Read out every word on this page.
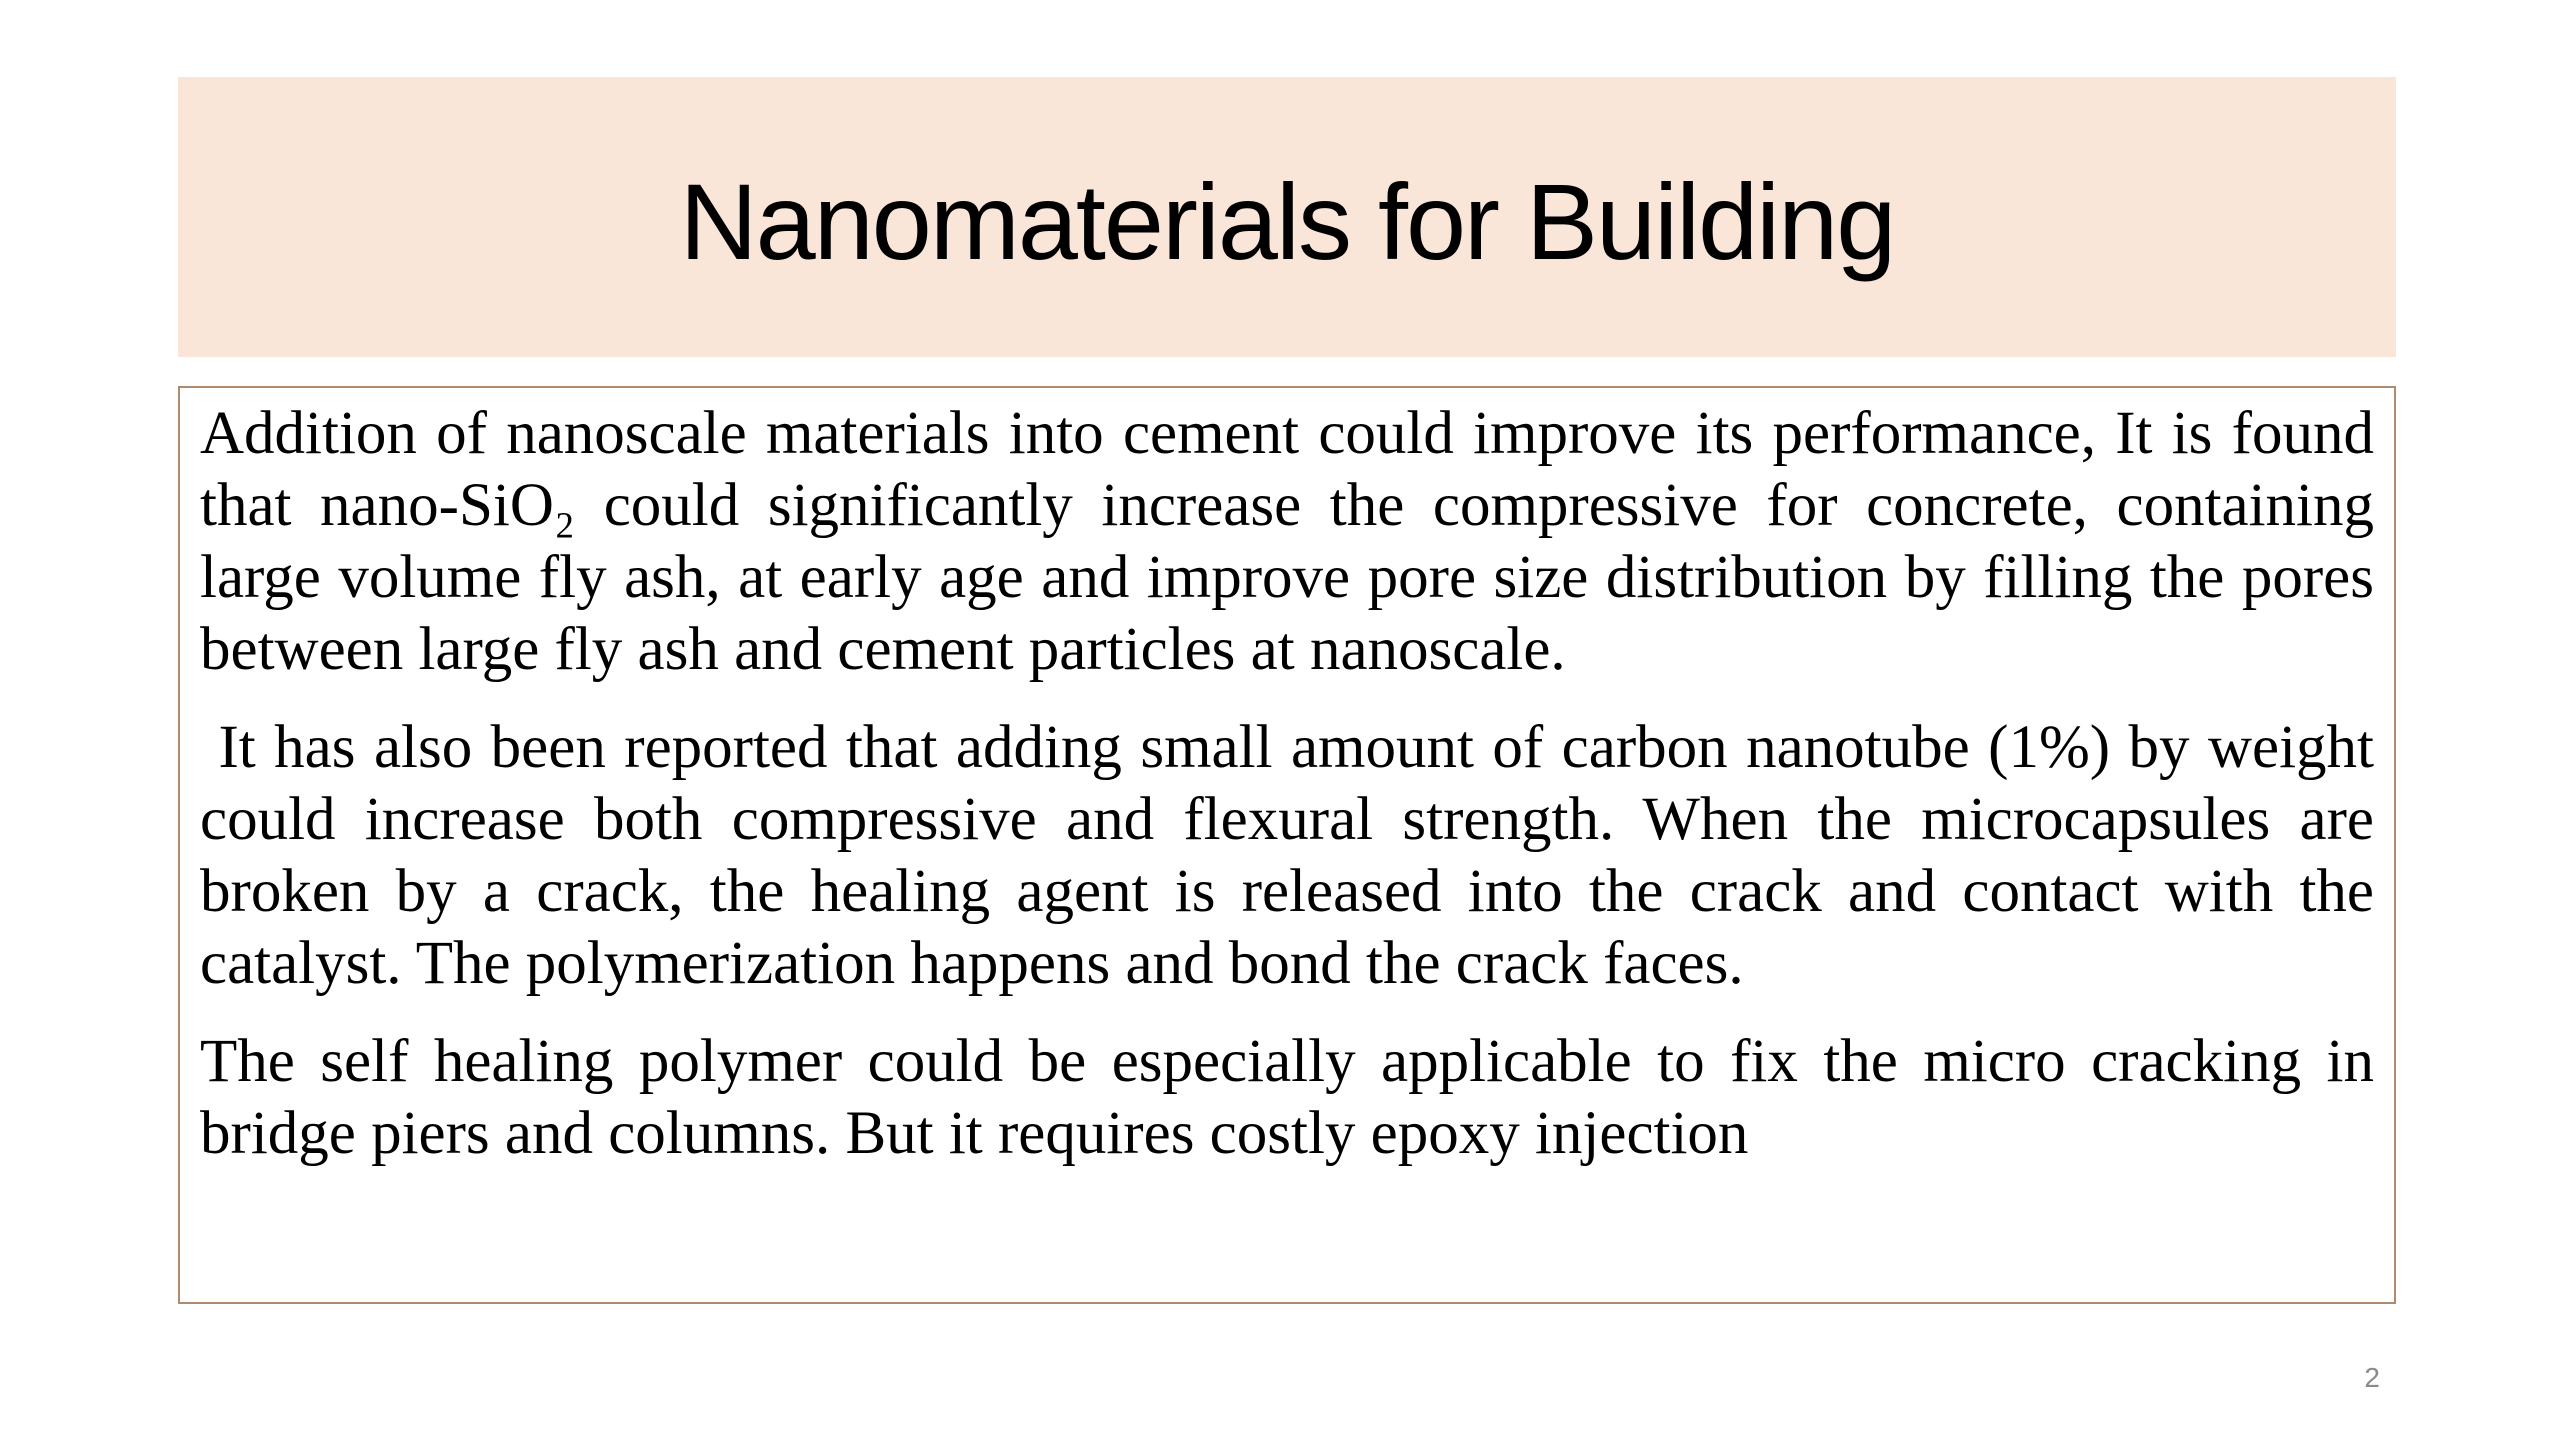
Nanomaterials for Building

Addition of nanoscale materials into cement could improve its performance, It is found that nano-SiO₂ could significantly increase the compressive for concrete, containing large volume fly ash, at early age and improve pore size distribution by filling the pores between large fly ash and cement particles at nanoscale.

It has also been reported that adding small amount of carbon nanotube (1%) by weight could increase both compressive and flexural strength. When the microcapsules are broken by a crack, the healing agent is released into the crack and contact with the catalyst. The polymerization happens and bond the crack faces.

The self healing polymer could be especially applicable to fix the micro cracking in bridge piers and columns. But it requires costly epoxy injection

2
